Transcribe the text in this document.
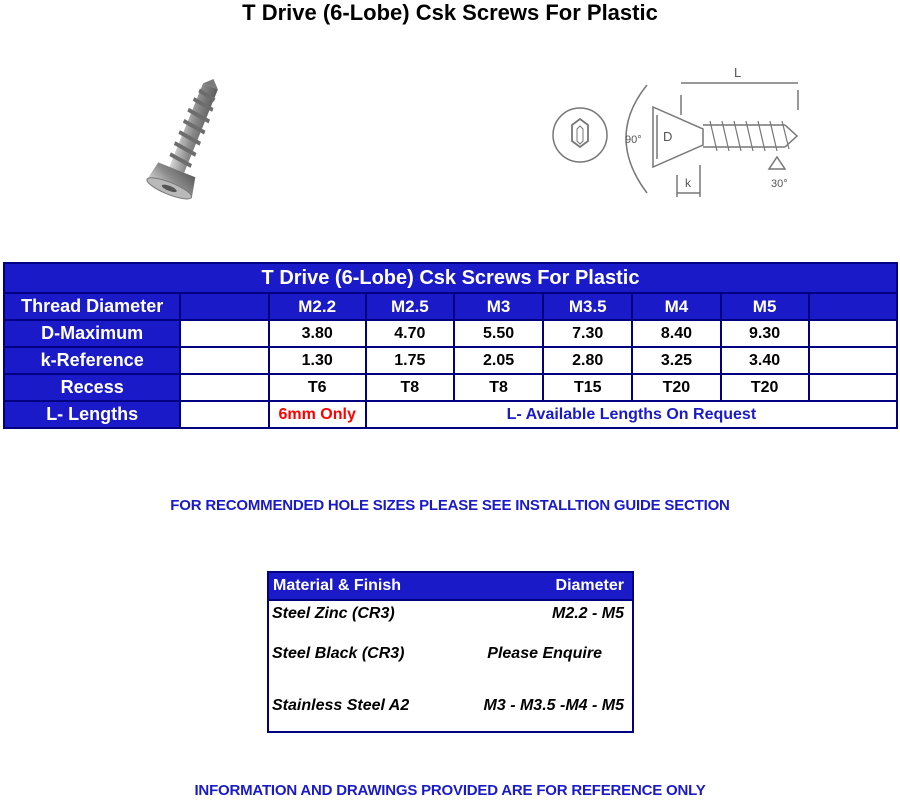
T Drive (6-Lobe) Csk Screws For Plastic
L
D
90°
k	30°
T Drive (6-Lobe) Csk Screws For Plastic								
Thread Diameter		M2.2	M2.5	M3	M3.5	M4	M5	
D-Maximum		3.80	4.70	5.50	7.30	8.40	9.30	
k-Reference		1.30	1.75	2.05	2.80	3.25	3.40	
Recess		T6	T8	T8	T15	T20	T20	
L- Lengths		6mm Only	L- Available Lengths On Request					
FOR RECOMMENDED HOLE SIZES PLEASE SEE INSTALLTION GUIDE SECTION
Material & Finish	Diameter
Steel Zinc (CR3)	M2.2 - M5
Steel Black (CR3)	Please Enquire
Stainless Steel A2	M3 - M3.5 -M4 - M5
INFORMATION AND DRAWINGS PROVIDED ARE FOR REFERENCE ONLY
